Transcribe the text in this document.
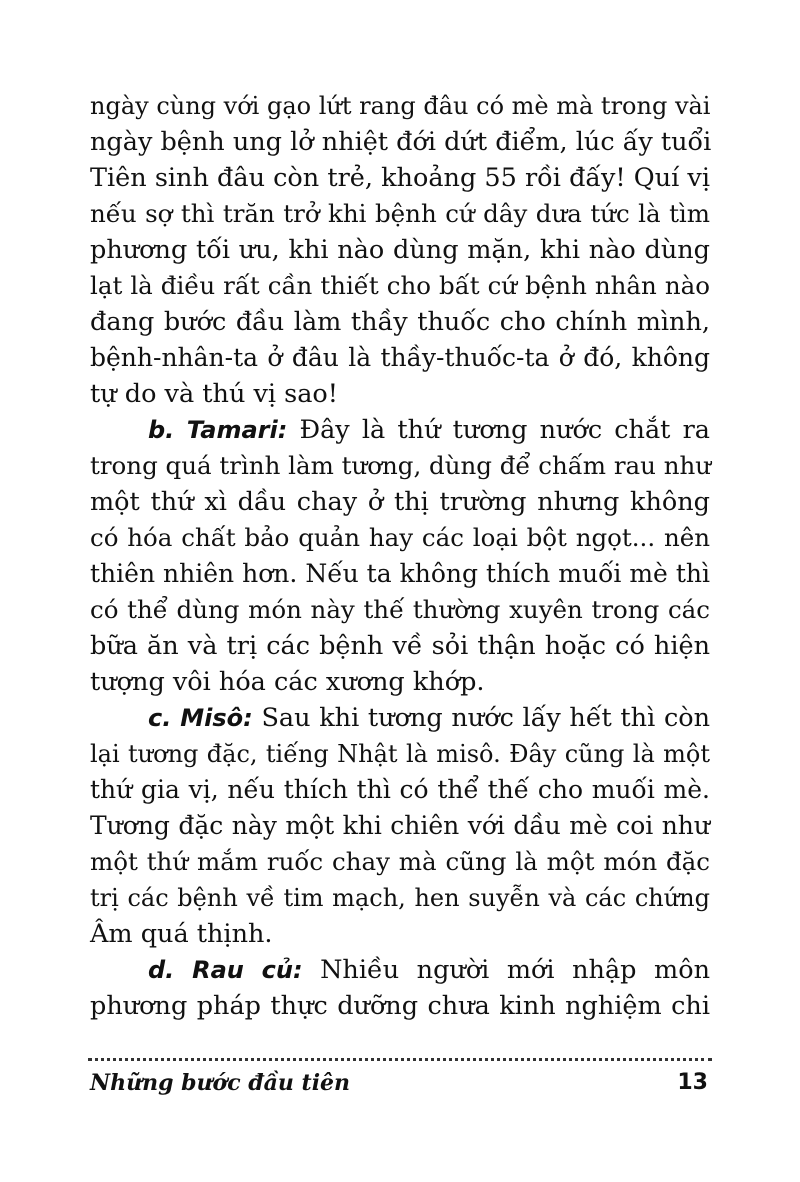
ngày cùng với gạo lứt rang đâu có mè mà trong vài
ngày bệnh ung lở nhiệt đới dứt điểm, lúc ấy tuổi
Tiên sinh đâu còn trẻ, khoảng 55 rồi đấy! Quí vị
nếu sợ thì trăn trở khi bệnh cứ dây dưa tức là tìm
phương tối ưu, khi nào dùng mặn, khi nào dùng
lạt là điều rất cần thiết cho bất cứ bệnh nhân nào
đang bước đầu làm thầy thuốc cho chính mình,
bệnh-nhân-ta ở đâu là thầy-thuốc-ta ở đó, không
tự do và thú vị sao!
b. Tamari: Đây là thứ tương nước chắt ra
trong quá trình làm tương, dùng để chấm rau như
một thứ xì dầu chay ở thị trường nhưng không
có hóa chất bảo quản hay các loại bột ngọt... nên
thiên nhiên hơn. Nếu ta không thích muối mè thì
có thể dùng món này thế thường xuyên trong các
bữa ăn và trị các bệnh về sỏi thận hoặc có hiện
tượng vôi hóa các xương khớp.
c. Misô: Sau khi tương nước lấy hết thì còn
lại tương đặc, tiếng Nhật là misô. Đây cũng là một
thứ gia vị, nếu thích thì có thể thế cho muối mè.
Tương đặc này một khi chiên với dầu mè coi như
một thứ mắm ruốc chay mà cũng là một món đặc
trị các bệnh về tim mạch, hen suyễn và các chứng
Âm quá thịnh.
d. Rau củ: Nhiều người mới nhập môn
phương pháp thực dưỡng chưa kinh nghiệm chi
Những bước đầu tiên	13
